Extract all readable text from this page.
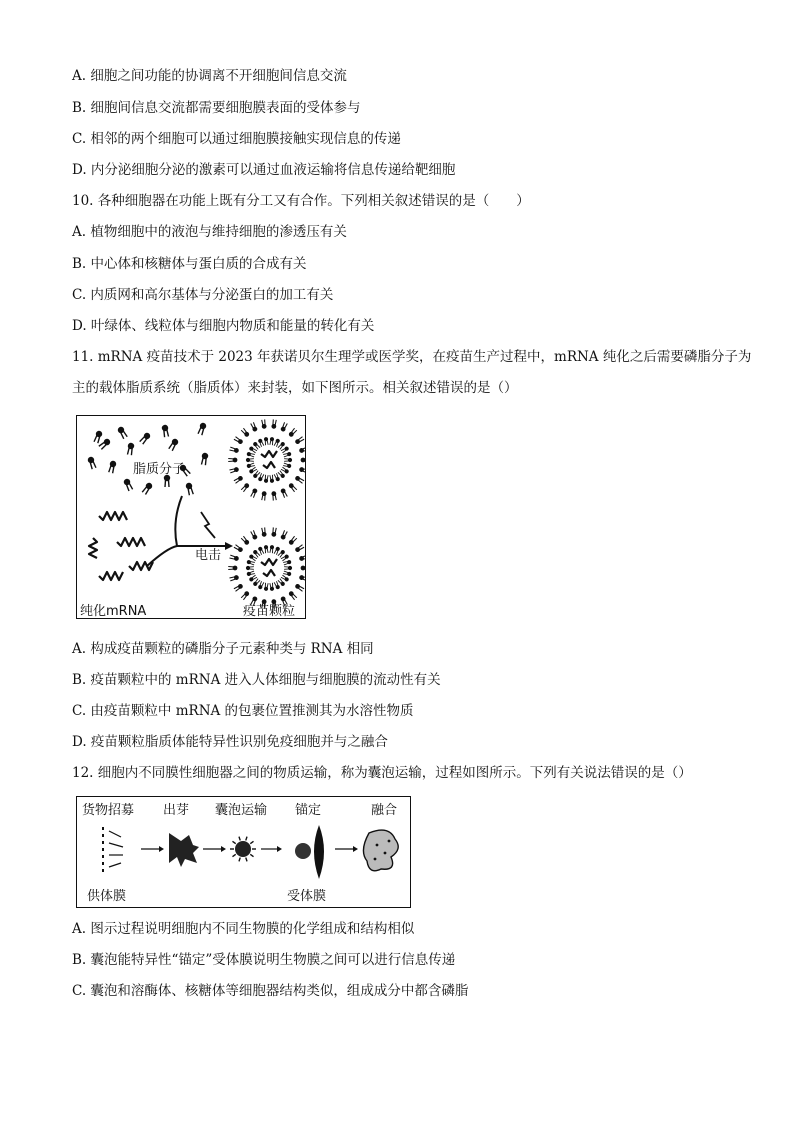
A. 细胞之间功能的协调离不开细胞间信息交流
B. 细胞间信息交流都需要细胞膜表面的受体参与
C. 相邻的两个细胞可以通过细胞膜接触实现信息的传递
D. 内分泌细胞分泌的激素可以通过血液运输将信息传递给靶细胞
10. 各种细胞器在功能上既有分工又有合作。下列相关叙述错误的是（　　）
A. 植物细胞中的液泡与维持细胞的渗透压有关
B. 中心体和核糖体与蛋白质的合成有关
C. 内质网和高尔基体与分泌蛋白的加工有关
D. 叶绿体、线粒体与细胞内物质和能量的转化有关
11. mRNA 疫苗技术于 2023 年获诺贝尔生理学或医学奖，在疫苗生产过程中，mRNA 纯化之后需要磷脂分子为
主的载体脂质系统（脂质体）来封装，如下图所示。相关叙述错误的是（）
脂质分子
电击
纯化mRNA	疫苗颗粒
A. 构成疫苗颗粒的磷脂分子元素种类与 RNA 相同
B. 疫苗颗粒中的 mRNA 进入人体细胞与细胞膜的流动性有关
C. 由疫苗颗粒中 mRNA 的包裹位置推测其为水溶性物质
D. 疫苗颗粒脂质体能特异性识别免疫细胞并与之融合
12. 细胞内不同膜性细胞器之间的物质运输，称为囊泡运输，过程如图所示。下列有关说法错误的是（）
货物招募 出芽 囊泡运输 锚定	融合
供体膜	受体膜
A. 图示过程说明细胞内不同生物膜的化学组成和结构相似
B. 囊泡能特异性“锚定”受体膜说明生物膜之间可以进行信息传递
C. 囊泡和溶酶体、核糖体等细胞器结构类似，组成成分中都含磷脂
